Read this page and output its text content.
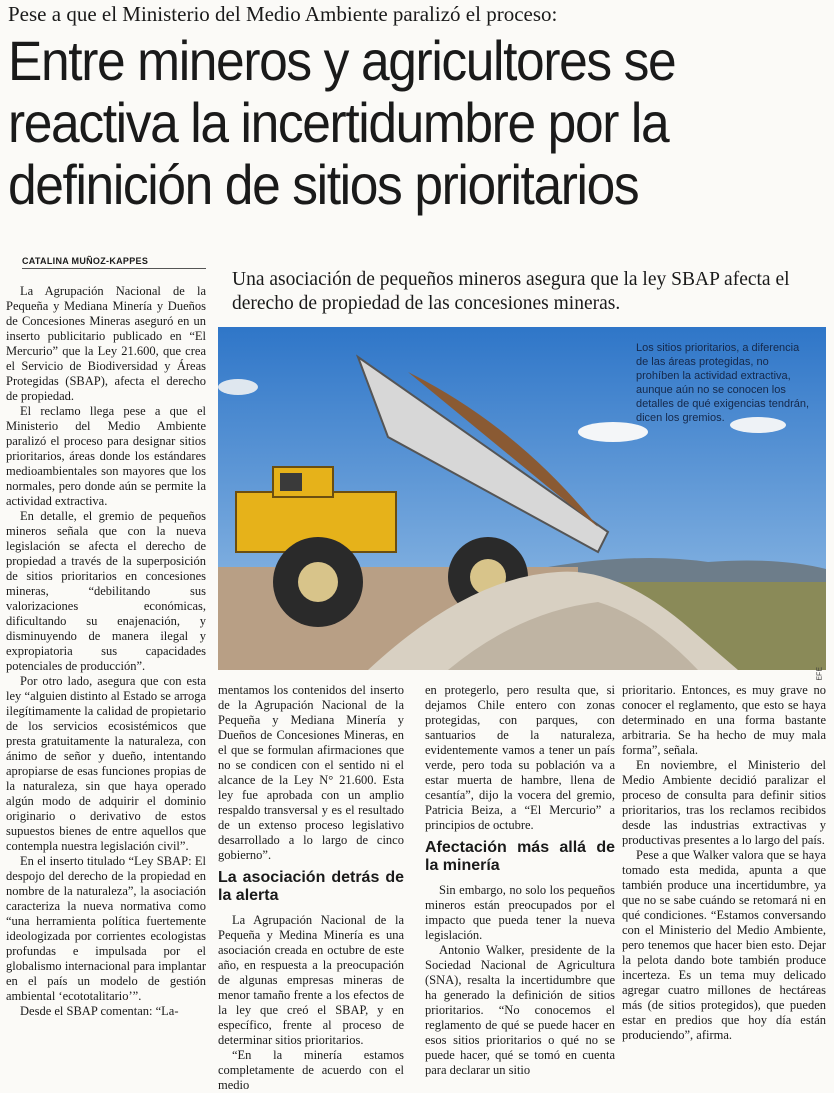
Pese a que el Ministerio del Medio Ambiente paralizó el proceso:
Entre mineros y agricultores se reactiva la incertidumbre por la definición de sitios prioritarios
CATALINA MUÑOZ-KAPPES

La Agrupación Nacional de la Pequeña y Mediana Minería y Dueños de Concesiones Mineras aseguró en un inserto publicitario publicado en “El Mercurio” que la Ley 21.600, que crea el Servicio de Biodiversidad y Áreas Protegidas (SBAP), afecta el derecho de propiedad.

El reclamo llega pese a que el Ministerio del Medio Ambiente paralizó el proceso para designar sitios prioritarios, áreas donde los estándares medioambientales son mayores que los normales, pero donde aún se permite la actividad extractiva.

En detalle, el gremio de pequeños mineros señala que con la nueva legislación se afecta el derecho de propiedad a través de la superposición de sitios prioritarios en concesiones mineras, “debilitando sus valorizaciones económicas, dificultando su enajenación, y disminuyendo de manera ilegal y expropiatoria sus capacidades potenciales de producción”.

Por otro lado, asegura que con esta ley “alguien distinto al Estado se arroga ilegítimamente la calidad de propietario de los servicios ecosistémicos que presta gratuitamente la naturaleza, con ánimo de señor y dueño, intentando apropiarse de esas funciones propias de la naturaleza, sin que haya operado algún modo de adquirir el dominio originario o derivativo de estos supuestos bienes de entre aquellos que contempla nuestra legislación civil”.

En el inserto titulado “Ley SBAP: El despojo del derecho de la propiedad en nombre de la naturaleza”, la asociación caracteriza la nueva normativa como “una herramienta política fuertemente ideologizada por corrientes ecologistas profundas e impulsada por el globalismo internacional para implantar en el país un modelo de gestión ambiental ‘ecototalitario’”.

Desde el SBAP comentan: “La-

Una asociación de pequeños mineros asegura que la ley SBAP afecta el derecho de propiedad de las concesiones mineras.
Los sitios prioritarios, a diferencia de las áreas protegidas, no prohíben la actividad extractiva, aunque aún no se conocen los detalles de qué exigencias tendrán, dicen los gremios.
EFE

mentamos los contenidos del inserto de la Agrupación Nacional de la Pequeña y Mediana Minería y Dueños de Concesiones Mineras, en el que se formulan afirmaciones que no se condicen con el sentido ni el alcance de la Ley N° 21.600. Esta ley fue aprobada con un amplio respaldo transversal y es el resultado de un extenso proceso legislativo desarrollado a lo largo de cinco gobierno”.

La asociación detrás de la alerta

La Agrupación Nacional de la Pequeña y Medina Minería es una asociación creada en octubre de este año, en respuesta a la preocupación de algunas empresas mineras de menor tamaño frente a los efectos de la ley que creó el SBAP, y en específico, frente al proceso de determinar sitios prioritarios.

“En la minería estamos completamente de acuerdo con el medio

en protegerlo, pero resulta que, si dejamos Chile entero con zonas protegidas, con parques, con santuarios de la naturaleza, evidentemente vamos a tener un país verde, pero toda su población va a estar muerta de hambre, llena de cesantía”, dijo la vocera del gremio, Patricia Beiza, a “El Mercurio” a principios de octubre.

Afectación más allá de la minería

Sin embargo, no solo los pequeños mineros están preocupados por el impacto que pueda tener la nueva legislación.

Antonio Walker, presidente de la Sociedad Nacional de Agricultura (SNA), resalta la incertidumbre que ha generado la definición de sitios prioritarios. “No conocemos el reglamento de qué se puede hacer en esos sitios prioritarios o qué no se puede hacer, qué se tomó en cuenta para declarar un sitio

prioritario. Entonces, es muy grave no conocer el reglamento, que esto se haya determinado en una forma bastante arbitraria. Se ha hecho de muy mala forma”, señala.

En noviembre, el Ministerio del Medio Ambiente decidió paralizar el proceso de consulta para definir sitios prioritarios, tras los reclamos recibidos desde las industrias extractivas y productivas presentes a lo largo del país.

Pese a que Walker valora que se haya tomado esta medida, apunta a que también produce una incertidumbre, ya que no se sabe cuándo se retomará ni en qué condiciones. “Estamos conversando con el Ministerio del Medio Ambiente, pero tenemos que hacer bien esto. Dejar la pelota dando bote también produce incerteza. Es un tema muy delicado agregar cuatro millones de hectáreas más (de sitios protegidos), que pueden estar en predios que hoy día están produciendo”, afirma.
